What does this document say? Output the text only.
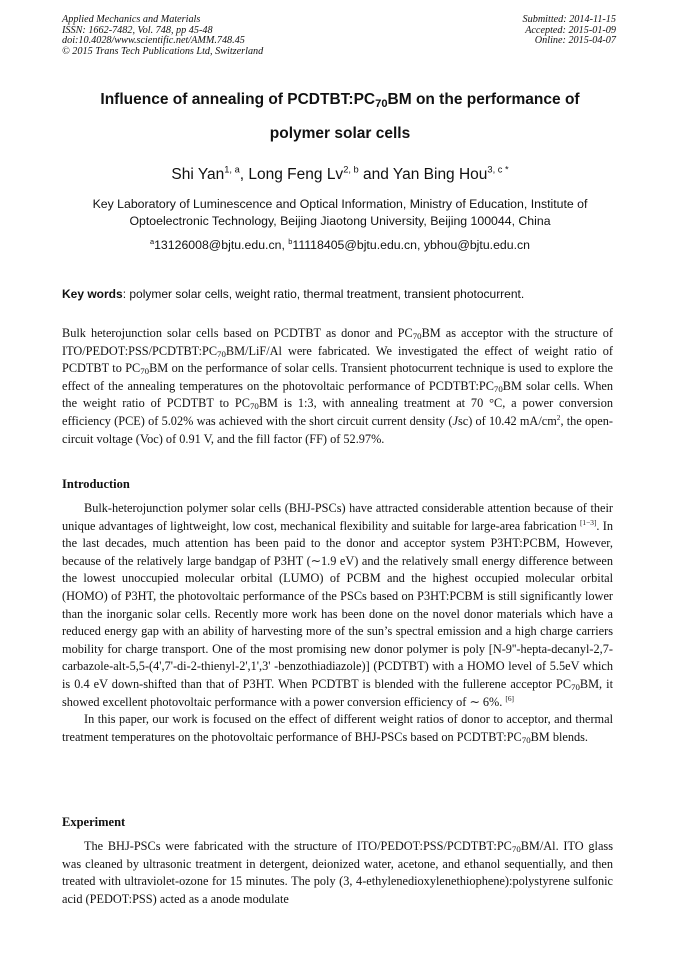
Applied Mechanics and Materials
ISSN: 1662-7482, Vol. 748, pp 45-48
doi:10.4028/www.scientific.net/AMM.748.45
© 2015 Trans Tech Publications Ltd, Switzerland
Submitted: 2014-11-15
Accepted: 2015-01-09
Online: 2015-04-07
Influence of annealing of $PCDTBT:PC_{70}BM$ on the performance of
polymer solar cells
Shi Yan$^{1, a}$, Long Feng Lv$^{2, b}$ and Yan Bing Hou$^{3, c *}$
Key Laboratory of Luminescence and Optical Information, Ministry of Education, Institute of
Optoelectronic Technology, Beijing Jiaotong University, Beijing 100044, China
$^a$13126008@bjtu.edu.cn, $^b$11118405@bjtu.edu.cn, ybhou@bjtu.edu.cn
Key words: polymer solar cells, weight ratio, thermal treatment, transient photocurrent.

Bulk heterojunction solar cells based on PCDTBT as donor and $PC_{70}BM$ as acceptor with the structure of ITO/$PEDOT:PSS/PCDTBT:PC_{70}BM/LiF/Al$ were fabricated. We investigated the effect of weight ratio of PCDTBT to $PC_{70}BM$ on the performance of solar cells. Transient photocurrent technique is used to explore the effect of the annealing temperatures on the photovoltaic performance of $PCDTBT:PC_{70}BM$ solar cells. When the weight ratio of PCDTBT to $PC_{70}BM$ is 1:3, with annealing treatment at 70 °C, a power conversion efficiency (PCE) of 5.02% was achieved with the short circuit current density (Jsc) of 10.42 $mA/cm^2$, the open-circuit voltage (Voc) of 0.91 V, and the fill factor (FF) of 52.97%.

Introduction

Bulk-heterojunction polymer solar cells (BHJ-PSCs) have attracted considerable attention because of their unique advantages of lightweight, low cost, mechanical flexibility and suitable for large-area fabrication [1−3]. In the last decades, much attention has been paid to the donor and acceptor system P3HT:PCBM, However, because of the relatively large bandgap of P3HT (∼1.9 eV) and the relatively small energy difference between the lowest unoccupied molecular orbital (LUMO) of PCBM and the highest occupied molecular orbital (HOMO) of P3HT, the photovoltaic performance of the PSCs based on P3HT:PCBM is still significantly lower than the inorganic solar cells. Recently more work has been done on the novel donor materials which have a reduced energy gap with an ability of harvesting more of the sun’s spectral emission and a high charge carriers mobility for charge transport. One of the most promising new donor polymer is poly [N-9''-hepta-decanyl-2,7-carbazole-alt-5,5-(4',7'-di-2-thienyl-2',1',3' -benzothiadiazole)] (PCDTBT) with a HOMO level of 5.5eV which is 0.4 eV down-shifted than that of P3HT. When PCDTBT is blended with the fullerene acceptor $PC_{70}BM$, it showed excellent photovoltaic performance with a power conversion efficiency of ∼ 6%. [6]

In this paper, our work is focused on the effect of different weight ratios of donor to acceptor, and thermal treatment temperatures on the photovoltaic performance of BHJ-PSCs based on $PCDTBT:PC_{70}BM$ blends.

Experiment

The BHJ-PSCs were fabricated with the structure of ITO/$PEDOT:PSS/PCDTBT:PC_{70}BM/Al$. ITO glass was cleaned by ultrasonic treatment in detergent, deionized water, acetone, and ethanol sequentially, and then treated with ultraviolet-ozone for 15 minutes. The poly (3, 4-ethylenedioxylenethiophene):polystyrene sulfonic acid (PEDOT:PSS) acted as a anode modulate
